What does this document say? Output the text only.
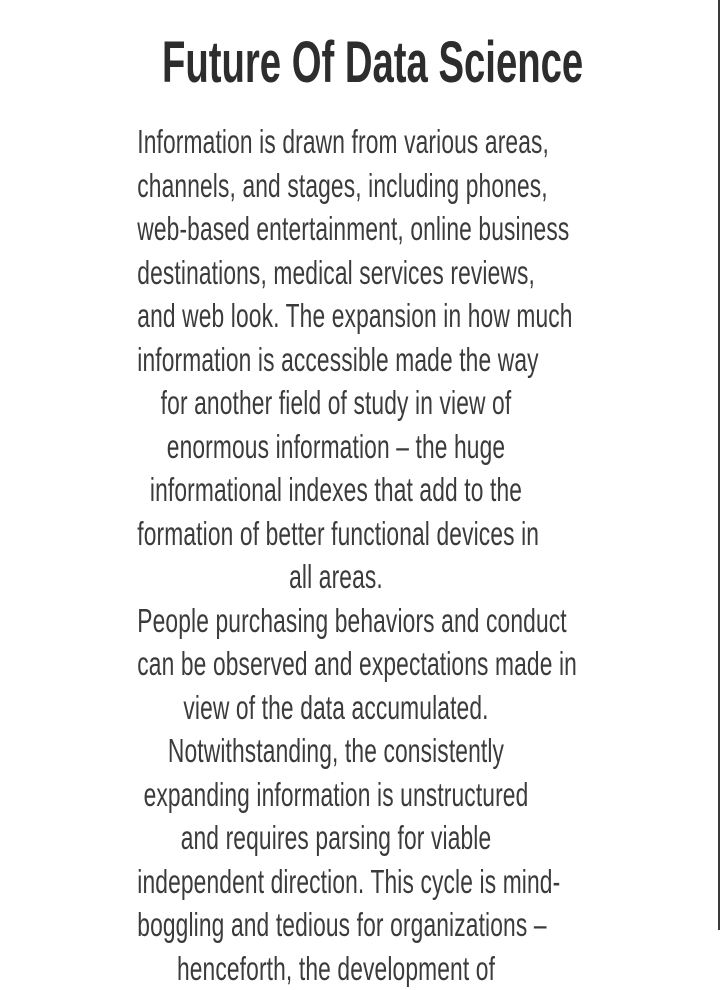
Future Of Data Science
Information is drawn from various areas,
channels, and stages, including phones,
web-based entertainment, online business
destinations, medical services reviews,
and web look. The expansion in how much
information is accessible made the way
for another field of study in view of
enormous information – the huge
informational indexes that add to the
formation of better functional devices in
all areas.
People purchasing behaviors and conduct
can be observed and expectations made in
view of the data accumulated.
Notwithstanding, the consistently
expanding information is unstructured
and requires parsing for viable
independent direction. This cycle is mind-
boggling and tedious for organizations –
henceforth, the development of
